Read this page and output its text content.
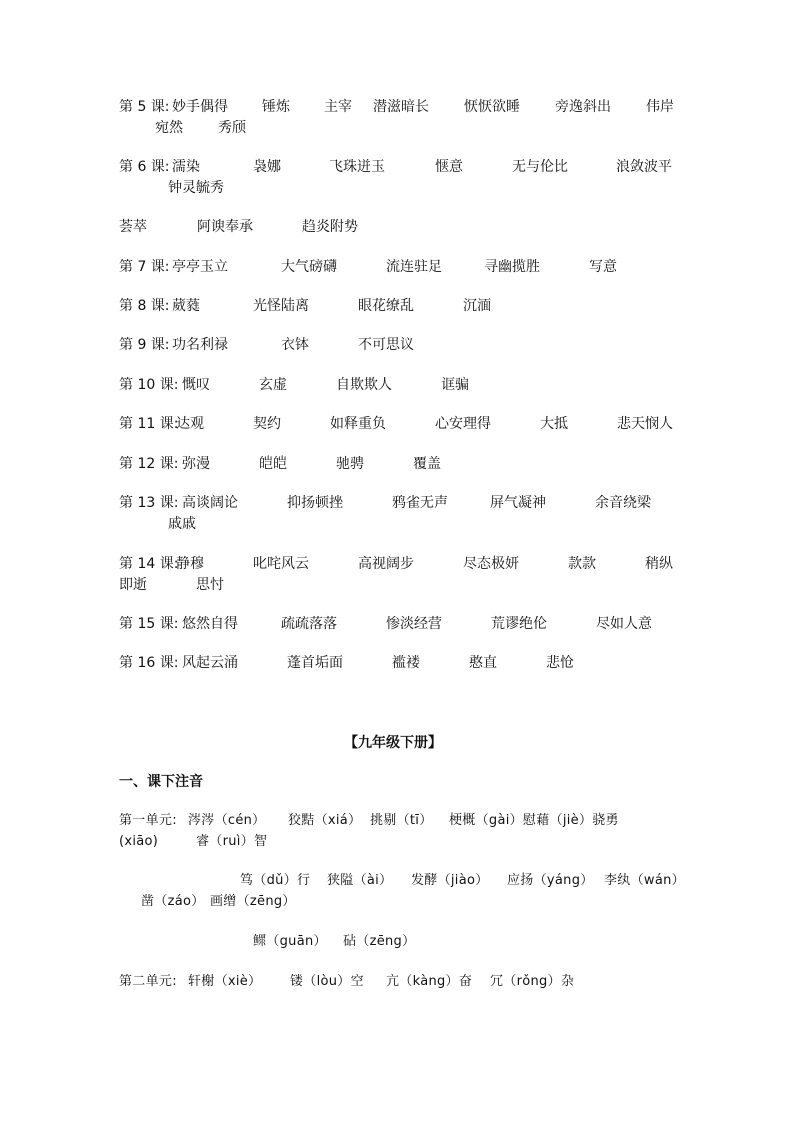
第 5 课: 妙手偶得 锤炼 主宰 潜滋暗长	恹恹欲睡	旁逸斜出	伟岸
宛然	秀颀
第 6 课: 濡染	袅娜	飞珠迸玉	惬意	无与伦比	浪敛波平
钟灵毓秀
荟萃	阿谀奉承	趋炎附势
第 7 课: 亭亭玉立	大气磅礴	流连驻足	寻幽揽胜	写意
第 8 课: 葳蕤	光怪陆离	眼花缭乱	沉湎
第 9 课: 功名利禄	衣钵	不可思议
第 10 课: 慨叹	玄虚	自欺欺人	诓骗
第 11 课:
达观	契约	如释重负	心安理得	大抵	悲天悯人
第 12 课: 弥漫	皑皑	驰骋	覆盖
第 13 课: 高谈阔论	抑扬顿挫	鸦雀无声	屏气凝神	余音绕梁
戚戚
第 14 课:
静穆	叱咤风云	高视阔步	尽态极妍	款款	稍纵
即逝	思忖
第 15 课: 悠然自得	疏疏落落	惨淡经营	荒谬绝伦	尽如人意
第 16 课: 风起云涌	蓬首垢面	褴褛	憨直	悲怆
【九年级下册】
一、课下注音
第一单元: 涔涔（cén） 狡黠（xiá） 挑剔（tī） 梗概（gài）慰藉（jiè）骁勇
(xiāo)	睿（ruì）智
笃（dǔ）行 狭隘（ài） 发酵（jiào） 应扬（yáng） 李纨（wán）
凿（záo） 画缯（zēng）
鳏（guān） 砧（zēng）
第二单元: 轩榭（xiè） 镂（lòu）空 亢（kàng）奋 冗（rǒng）杂
